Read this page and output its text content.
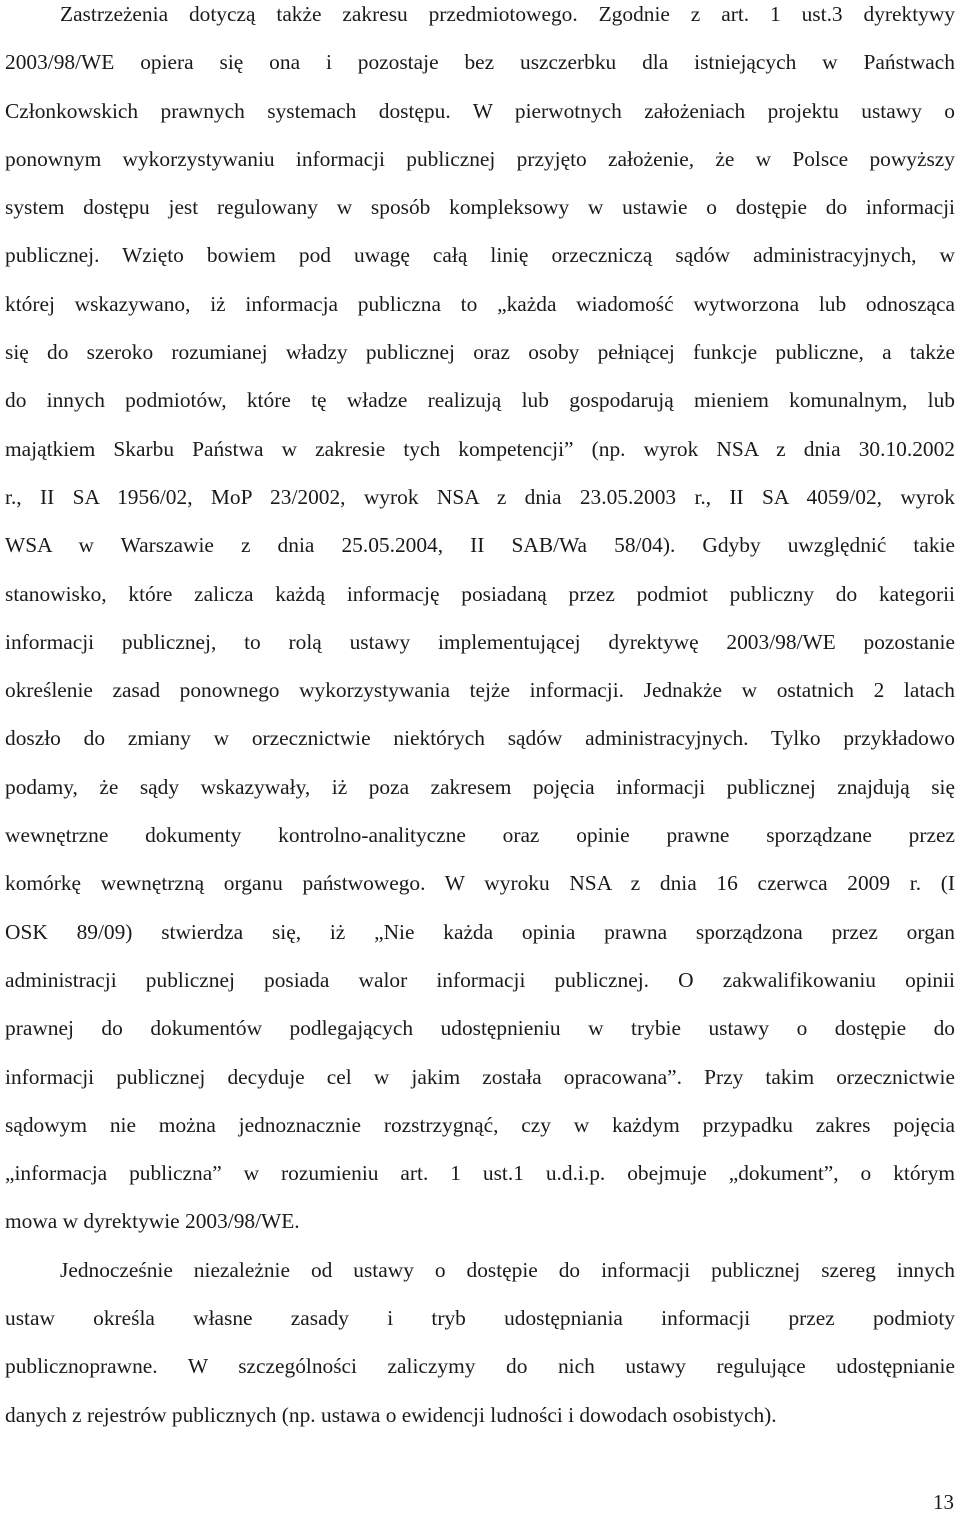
Zastrzeżenia dotyczą także zakresu przedmiotowego. Zgodnie z art. 1 ust.3 dyrektywy
2003/98/WE opiera się ona i pozostaje bez uszczerbku dla istniejących w Państwach
Członkowskich prawnych systemach dostępu. W pierwotnych założeniach projektu ustawy o
ponownym wykorzystywaniu informacji publicznej przyjęto założenie, że w Polsce powyższy
system dostępu jest regulowany w sposób kompleksowy w ustawie o dostępie do informacji
publicznej. Wzięto bowiem pod uwagę całą linię orzeczniczą sądów administracyjnych, w
której wskazywano, iż informacja publiczna to „każda wiadomość wytworzona lub odnosząca
się do szeroko rozumianej władzy publicznej oraz osoby pełniącej funkcje publiczne, a także
do innych podmiotów, które tę władze realizują lub gospodarują mieniem komunalnym, lub
majątkiem Skarbu Państwa w zakresie tych kompetencji” (np. wyrok NSA z dnia 30.10.2002
r., II SA 1956/02, MoP 23/2002, wyrok NSA z dnia 23.05.2003 r., II SA 4059/02, wyrok
WSA w Warszawie z dnia 25.05.2004, II SAB/Wa 58/04). Gdyby uwzględnić takie
stanowisko, które zalicza każdą informację posiadaną przez podmiot publiczny do kategorii
informacji publicznej, to rolą ustawy implementującej dyrektywę 2003/98/WE pozostanie
określenie zasad ponownego wykorzystywania tejże informacji. Jednakże w ostatnich 2 latach
doszło do zmiany w orzecznictwie niektórych sądów administracyjnych. Tylko przykładowo
podamy, że sądy wskazywały, iż poza zakresem pojęcia informacji publicznej znajdują się
wewnętrzne dokumenty kontrolno-analityczne oraz opinie prawne sporządzane przez
komórkę wewnętrzną organu państwowego. W wyroku NSA z dnia 16 czerwca 2009 r. (I
OSK 89/09) stwierdza się, iż „Nie każda opinia prawna sporządzona przez organ
administracji publicznej posiada walor informacji publicznej. O zakwalifikowaniu opinii
prawnej do dokumentów podlegających udostępnieniu w trybie ustawy o dostępie do
informacji publicznej decyduje cel w jakim została opracowana”. Przy takim orzecznictwie
sądowym nie można jednoznacznie rozstrzygnąć, czy w każdym przypadku zakres pojęcia
„informacja publiczna” w rozumieniu art. 1 ust.1 u.d.i.p. obejmuje „dokument”, o którym
mowa w dyrektywie 2003/98/WE.
Jednocześnie niezależnie od ustawy o dostępie do informacji publicznej szereg innych
ustaw określa własne zasady i tryb udostępniania informacji przez podmioty
publicznoprawne. W szczególności zaliczymy do nich ustawy regulujące udostępnianie
danych z rejestrów publicznych (np. ustawa o ewidencji ludności i dowodach osobistych).
13
